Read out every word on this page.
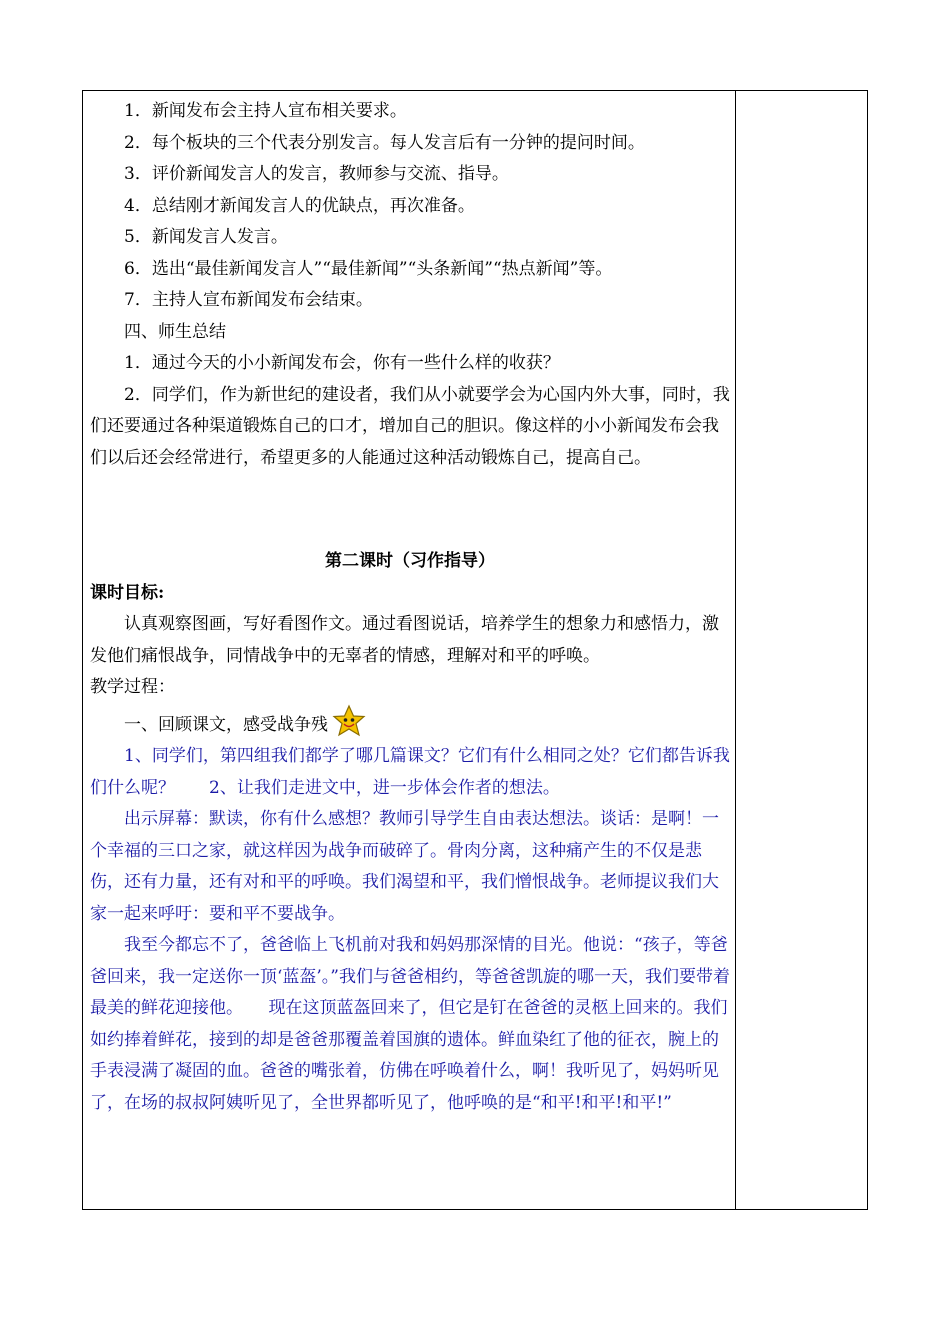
1．新闻发布会主持人宣布相关要求。

2．每个板块的三个代表分别发言。每人发言后有一分钟的提问时间。

3．评价新闻发言人的发言，教师参与交流、指导。

4．总结刚才新闻发言人的优缺点，再次准备。

5．新闻发言人发言。

6．选出“最佳新闻发言人”“最佳新闻”“头条新闻”“热点新闻”等。

7．主持人宣布新闻发布会结束。

四、师生总结

1．通过今天的小小新闻发布会，你有一些什么样的收获？

2．同学们，作为新世纪的建设者，我们从小就要学会为心国内外大事，同时，我们还要通过各种渠道锻炼自己的口才，增加自己的胆识。像这样的小小新闻发布会我们以后还会经常进行，希望更多的人能通过这种活动锻炼自己，提高自己。

第二课时（习作指导）

课时目标:

认真观察图画，写好看图作文。通过看图说话，培养学生的想象力和感悟力，激发他们痛恨战争，同情战争中的无辜者的情感，理解对和平的呼唤。

教学过程：

一、回顾课文，感受战争残

1、同学们，第四组我们都学了哪几篇课文？它们有什么相同之处？它们都告诉我们什么呢？　　2、让我们走进文中，进一步体会作者的想法。

出示屏幕：默读，你有什么感想？教师引导学生自由表达想法。谈话：是啊！一个幸福的三口之家，就这样因为战争而破碎了。骨肉分离，这种痛产生的不仅是悲伤，还有力量，还有对和平的呼唤。我们渴望和平，我们憎恨战争。老师提议我们大家一起来呼吁：要和平不要战争。

我至今都忘不了，爸爸临上飞机前对我和妈妈那深情的目光。他说：“孩子，等爸爸回来，我一定送你一顶‘蓝盔’。”我们与爸爸相约，等爸爸凯旋的哪一天，我们要带着最美的鲜花迎接他。　　现在这顶蓝盔回来了，但它是钉在爸爸的灵柩上回来的。我们如约捧着鲜花，接到的却是爸爸那覆盖着国旗的遗体。鲜血染红了他的征衣，腕上的手表浸满了凝固的血。爸爸的嘴张着，仿佛在呼唤着什么，啊！我听见了，妈妈听见了，在场的叔叔阿姨听见了，全世界都听见了，他呼唤的是“和平!和平!和平!”
